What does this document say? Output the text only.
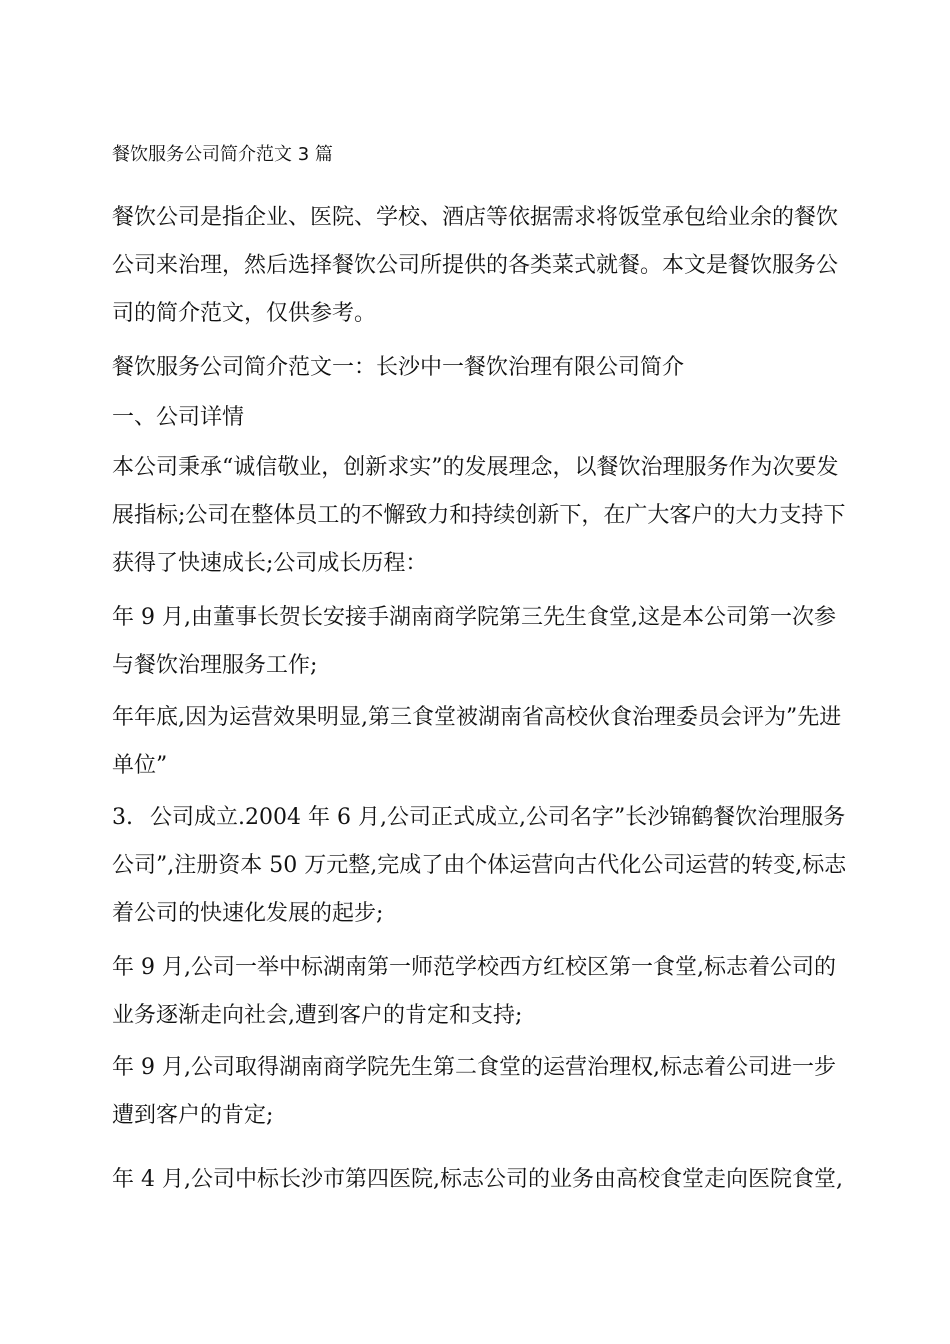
餐饮服务公司简介范文 3 篇
餐饮公司是指企业、医院、学校、酒店等依据需求将饭堂承包给业余的餐饮公司来治理，然后选择餐饮公司所提供的各类菜式就餐。本文是餐饮服务公司的简介范文，仅供参考。
餐饮服务公司简介范文一：长沙中一餐饮治理有限公司简介
一、公司详情
本公司秉承“诚信敬业，创新求实”的发展理念，以餐饮治理服务作为次要发展指标;公司在整体员工的不懈致力和持续创新下，在广大客户的大力支持下获得了快速成长;公司成长历程：
年 9 月,由董事长贺长安接手湖南商学院第三先生食堂,这是本公司第一次参与餐饮治理服务工作;
年年底,因为运营效果明显,第三食堂被湖南省高校伙食治理委员会评为”先进单位”
3. 公司成立.2004 年 6 月,公司正式成立,公司名字”长沙锦鹤餐饮治理服务公司”,注册资本 50 万元整,完成了由个体运营向古代化公司运营的转变,标志着公司的快速化发展的起步;
年 9 月,公司一举中标湖南第一师范学校西方红校区第一食堂,标志着公司的业务逐渐走向社会,遭到客户的肯定和支持;
年 9 月,公司取得湖南商学院先生第二食堂的运营治理权,标志着公司进一步遭到客户的肯定;
年 4 月,公司中标长沙市第四医院,标志公司的业务由高校食堂走向医院食堂,
